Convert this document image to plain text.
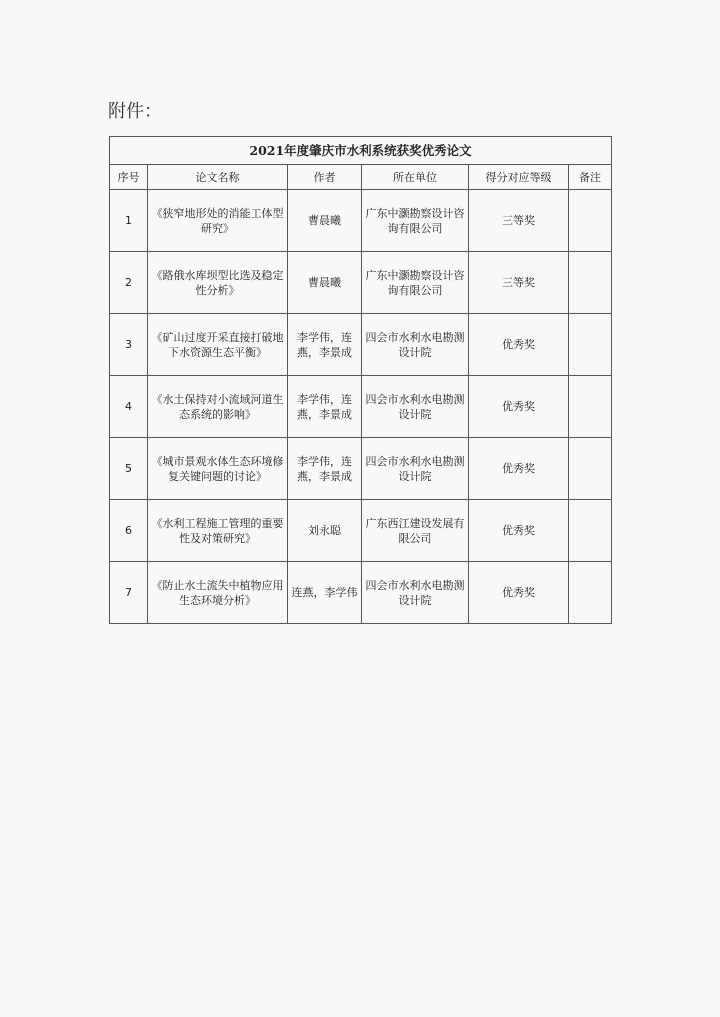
附件：
2021年度肇庆市水利系统获奖优秀论文					
序号	论文名称	作者	所在单位	得分对应等级	备注
1	《狭窄地形处的消能工体型研究》	曹晨曦	广东中灏勘察设计咨询有限公司	三等奖	
2	《路俄水库坝型比选及稳定性分析》	曹晨曦	广东中灏勘察设计咨询有限公司	三等奖	
3	《矿山过度开采直接打破地下水资源生态平衡》	李学伟，连燕，李景成	四会市水利水电勘测设计院	优秀奖	
4	《水土保持对小流域河道生态系统的影响》	李学伟，连燕，李景成	四会市水利水电勘测设计院	优秀奖	
5	《城市景观水体生态环境修复关键问题的讨论》	李学伟，连燕，李景成	四会市水利水电勘测设计院	优秀奖	
6	《水利工程施工管理的重要性及对策研究》	刘永聪	广东西江建设发展有限公司	优秀奖	
7	《防止水土流失中植物应用生态环境分析》	连燕，李学伟	四会市水利水电勘测设计院	优秀奖	
